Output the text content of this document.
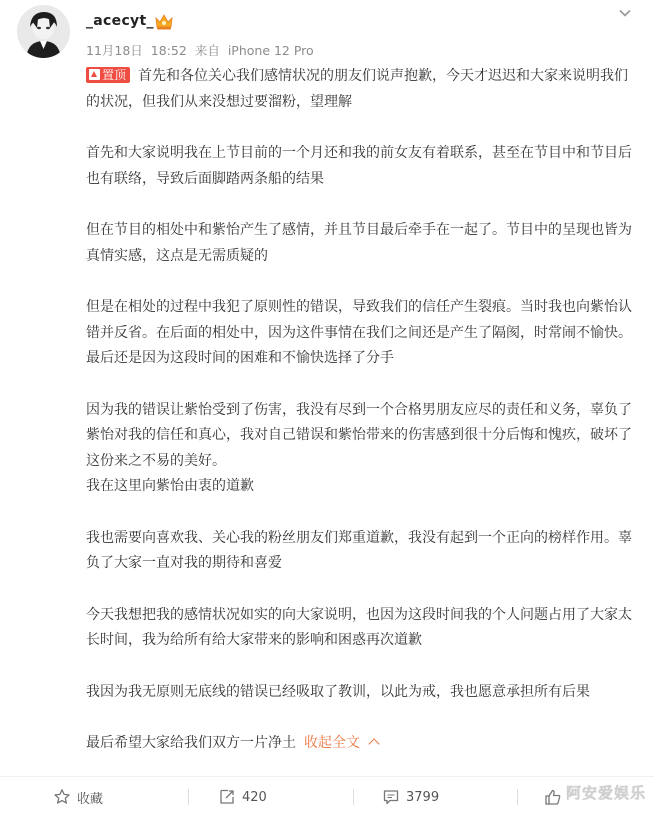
_acecyt_
11月18日 18:52 来自 iPhone 12 Pro

置顶 首先和各位关心我们感情状况的朋友们说声抱歉，今天才迟迟和大家来说明我们的状况，但我们从来没想过要溜粉，望理解

首先和大家说明我在上节目前的一个月还和我的前女友有着联系，甚至在节目中和节目后也有联络，导致后面脚踏两条船的结果

但在节目的相处中和紫怡产生了感情，并且节目最后牵手在一起了。节目中的呈现也皆为真情实感，这点是无需质疑的

但是在相处的过程中我犯了原则性的错误，导致我们的信任产生裂痕。当时我也向紫怡认错并反省。在后面的相处中，因为这件事情在我们之间还是产生了隔阂，时常闹不愉快。最后还是因为这段时间的困难和不愉快选择了分手

因为我的错误让紫怡受到了伤害，我没有尽到一个合格男朋友应尽的责任和义务，辜负了紫怡对我的信任和真心，我对自己错误和紫怡带来的伤害感到很十分后悔和愧疚，破坏了这份来之不易的美好。

我在这里向紫怡由衷的道歉

我也需要向喜欢我、关心我的粉丝朋友们郑重道歉，我没有起到一个正向的榜样作用。辜负了大家一直对我的期待和喜爱

今天我想把我的感情状况如实的向大家说明，也因为这段时间我的个人问题占用了大家太长时间，我为给所有给大家带来的影响和困惑再次道歉

我因为我无原则无底线的错误已经吸取了教训，以此为戒，我也愿意承担所有后果

最后希望大家给我们双方一片净土 收起全文

收藏	420	3799	阿安爱娱乐
